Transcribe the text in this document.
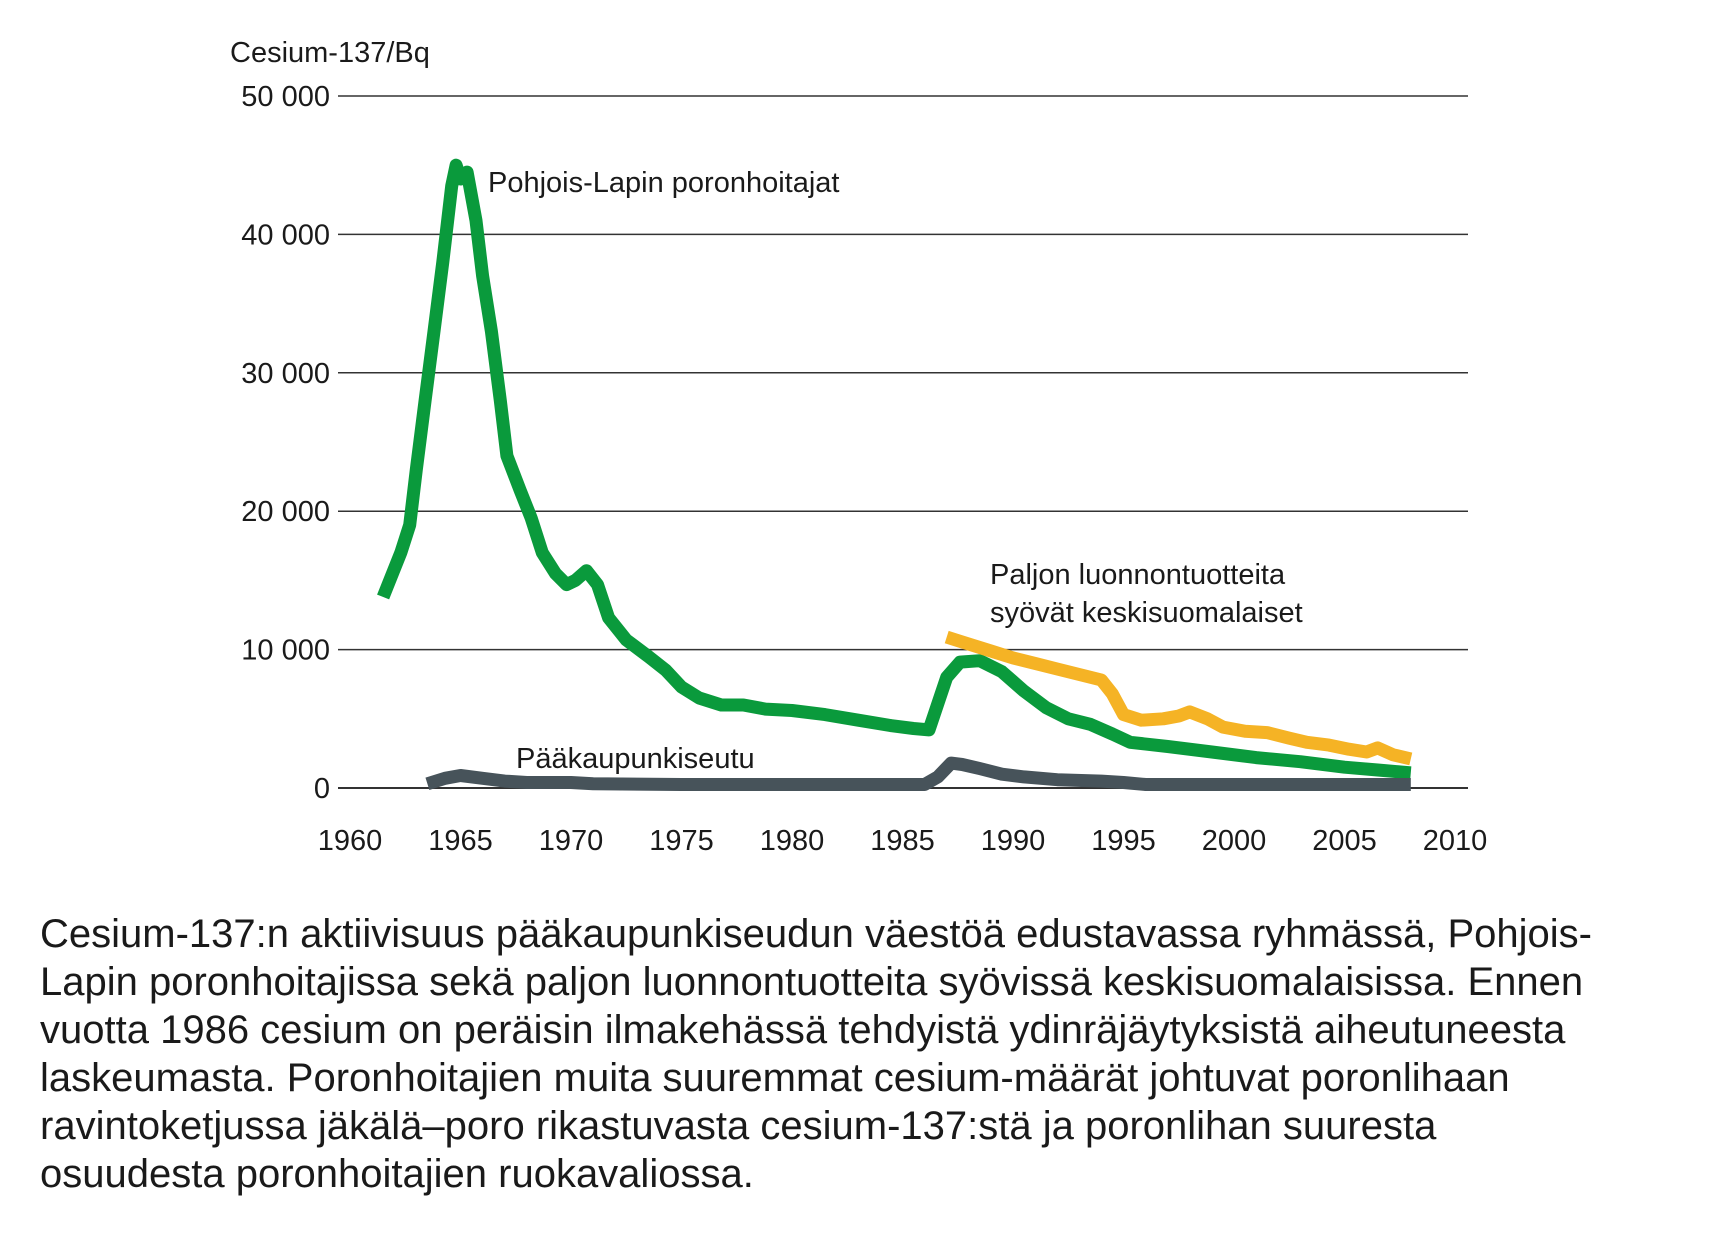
0
10 000
20 000
30 000
40 000
50 000
1960 1965 1970 1975 1980 1985 1990 1995 2000 2005 2010
Cesium-137/Bq
Pohjois-Lapin poronhoitajat
Paljon luonnontuotteita
syövät keskisuomalaiset
Pääkaupunkiseutu
Cesium-137:n aktiivisuus pääkaupunkiseudun väestöä edustavassa ryhmässä, Pohjois-
Lapin poronhoitajissa sekä paljon luonnontuotteita syövissä keskisuomalaisissa. Ennen
vuotta 1986 cesium on peräisin ilmakehässä tehdyistä ydinräjäytyksistä aiheutuneesta
laskeumasta. Poronhoitajien muita suuremmat cesium-määrät johtuvat poronlihaan
ravintoketjussa jäkälä–poro rikastuvasta cesium-137:stä ja poronlihan suuresta
osuudesta poronhoitajien ruokavaliossa.
